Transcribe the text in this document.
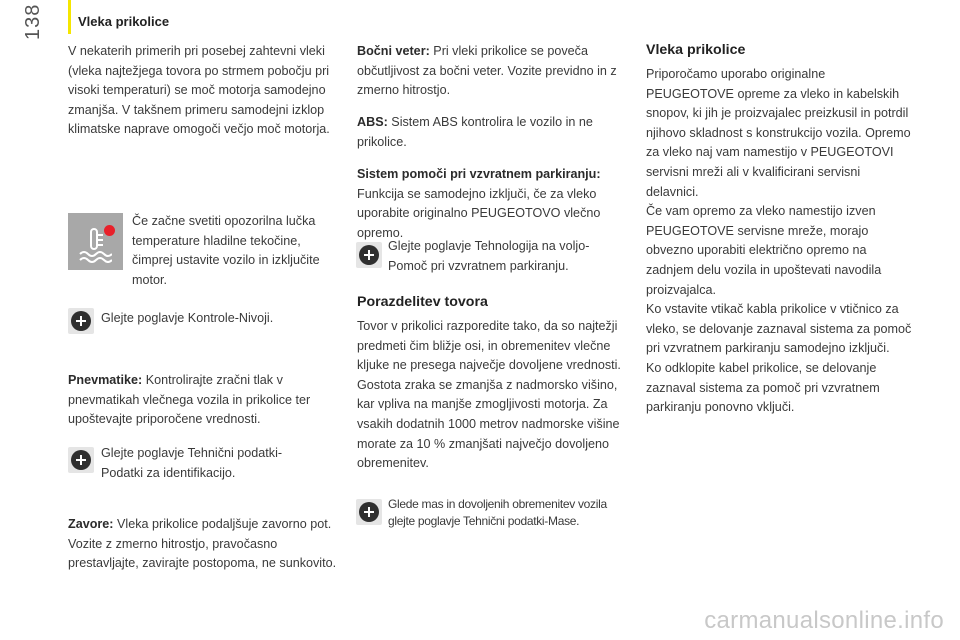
138	Vleka prikolice

V nekaterih primerih pri posebej zahtevni vleki (vleka najtežjega tovora po strmem pobočju pri visoki temperaturi) se moč motorja samodejno zmanjša. V takšnem primeru samodejni izklop klimatske naprave omogoči večjo moč motorja.

Če začne svetiti opozorilna lučka temperature hladilne tekočine, čimprej ustavite vozilo in izključite motor.

Glejte poglavje Kontrole-Nivoji.

Pnevmatike: Kontrolirajte zračni tlak v pnevmatikah vlečnega vozila in prikolice ter upoštevajte priporočene vrednosti.

Glejte poglavje Tehnični podatki-Podatki za identifikacijo.

Zavore: Vleka prikolice podaljšuje zavorno pot. Vozite z zmerno hitrostjo, pravočasno prestavljajte, zavirajte postopoma, ne sunkovito.

Bočni veter: Pri vleki prikolice se poveča občutljivost za bočni veter. Vozite previdno in z zmerno hitrostjo.

ABS: Sistem ABS kontrolira le vozilo in ne prikolice.

Sistem pomoči pri vzvratnem parkiranju:

Funkcija se samodejno izključi, če za vleko uporabite originalno PEUGEOTOVO vlečno opremo.

Glejte poglavje Tehnologija na voljo-Pomoč pri vzvratnem parkiranju.

Porazdelitev tovora

Tovor v prikolici razporedite tako, da so najtežji predmeti čim bližje osi, in obremenitev vlečne kljuke ne presega največje dovoljene vrednosti. Gostota zraka se zmanjša z nadmorsko višino, kar vpliva na manjše zmogljivosti motorja. Za vsakih dodatnih 1000 metrov nadmorske višine morate za 10 % zmanjšati največjo dovoljeno obremenitev.

Glede mas in dovoljenih obremenitev vozila glejte poglavje Tehnični podatki-Mase.

Vleka prikolice

Priporočamo uporabo originalne PEUGEOTOVE opreme za vleko in kabelskih snopov, ki jih je proizvajalec preizkusil in potrdil njihovo skladnost s konstrukcijo vozila. Opremo za vleko naj vam namestijo v PEUGEOTOVI servisni mreži ali v kvalificirani servisni delavnici.

Če vam opremo za vleko namestijo izven PEUGEOTOVE servisne mreže, morajo obvezno uporabiti električno opremo na zadnjem delu vozila in upoštevati navodila proizvajalca.

Ko vstavite vtikač kabla prikolice v vtičnico za vleko, se delovanje zaznaval sistema za pomoč pri vzvratnem parkiranju samodejno izključi.

Ko odklopite kabel prikolice, se delovanje zaznaval sistema za pomoč pri vzvratnem parkiranju ponovno vključi.

carmanualsonline.info
